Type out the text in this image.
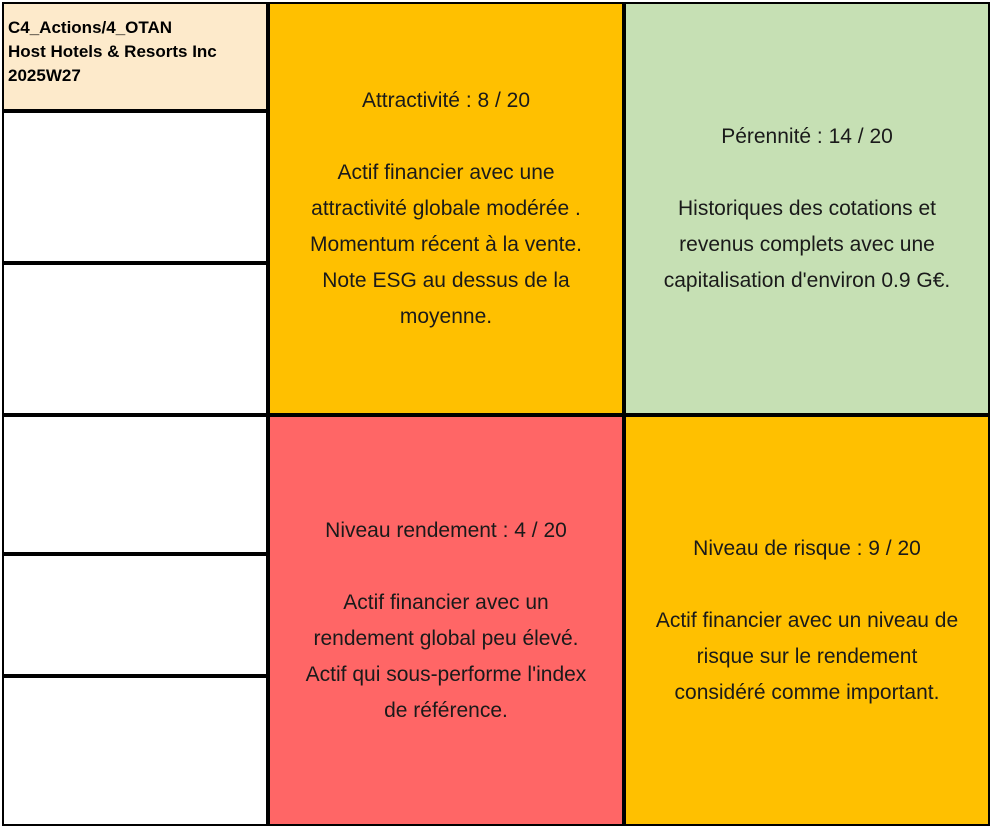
C4_Actions/4_OTAN
Host Hotels & Resorts Inc
2025W27
Attractivité : 8 / 20
Actif financier avec une
attractivité globale modérée .
Momentum récent à la vente.
Note ESG au dessus de la
moyenne.
Pérennité : 14 / 20
Historiques des cotations et
revenus complets avec une
capitalisation d'environ 0.9 G€.
Niveau rendement : 4 / 20
Actif financier avec un
rendement global peu élevé.
Actif qui sous-performe l'index
de référence.
Niveau de risque : 9 / 20
Actif financier avec un niveau de
risque sur le rendement
considéré comme important.
